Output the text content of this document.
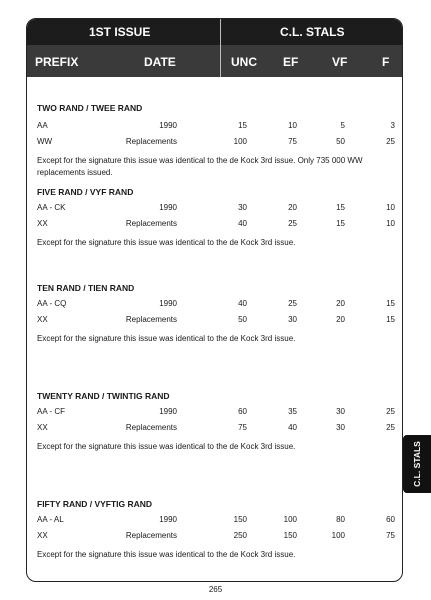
1ST ISSUE	C.L. STALS
PREFIX	DATE	UNC EF	VF	F
TWO RAND / TWEE RAND
AA	1990	15	10	5	3
WW	Replacements	100	75	50	25
Except for the signature this issue was identical to the de Kock 3rd issue. Only 735 000 WW replacements issued.
FIVE RAND / VYF RAND
AA - CK	1990	30	20	15	10
XX	Replacements	40	25	15	10
Except for the signature this issue was identical to the de Kock 3rd issue.
TEN RAND / TIEN RAND
AA - CQ	1990	40	25	20	15
XX	Replacements	50	30	20	15
Except for the signature this issue was identical to the de Kock 3rd issue.
TWENTY RAND / TWINTIG RAND
AA - CF	1990	60	35	30	25
XX	Replacements	75	40	30	25
Except for the signature this issue was identical to the de Kock 3rd issue.
FIFTY RAND / VYFTIG RAND
AA - AL	1990	150	100	80	60
XX	Replacements	250	150	100	75
Except for the signature this issue was identical to the de Kock 3rd issue.
C.L. STALS
265
